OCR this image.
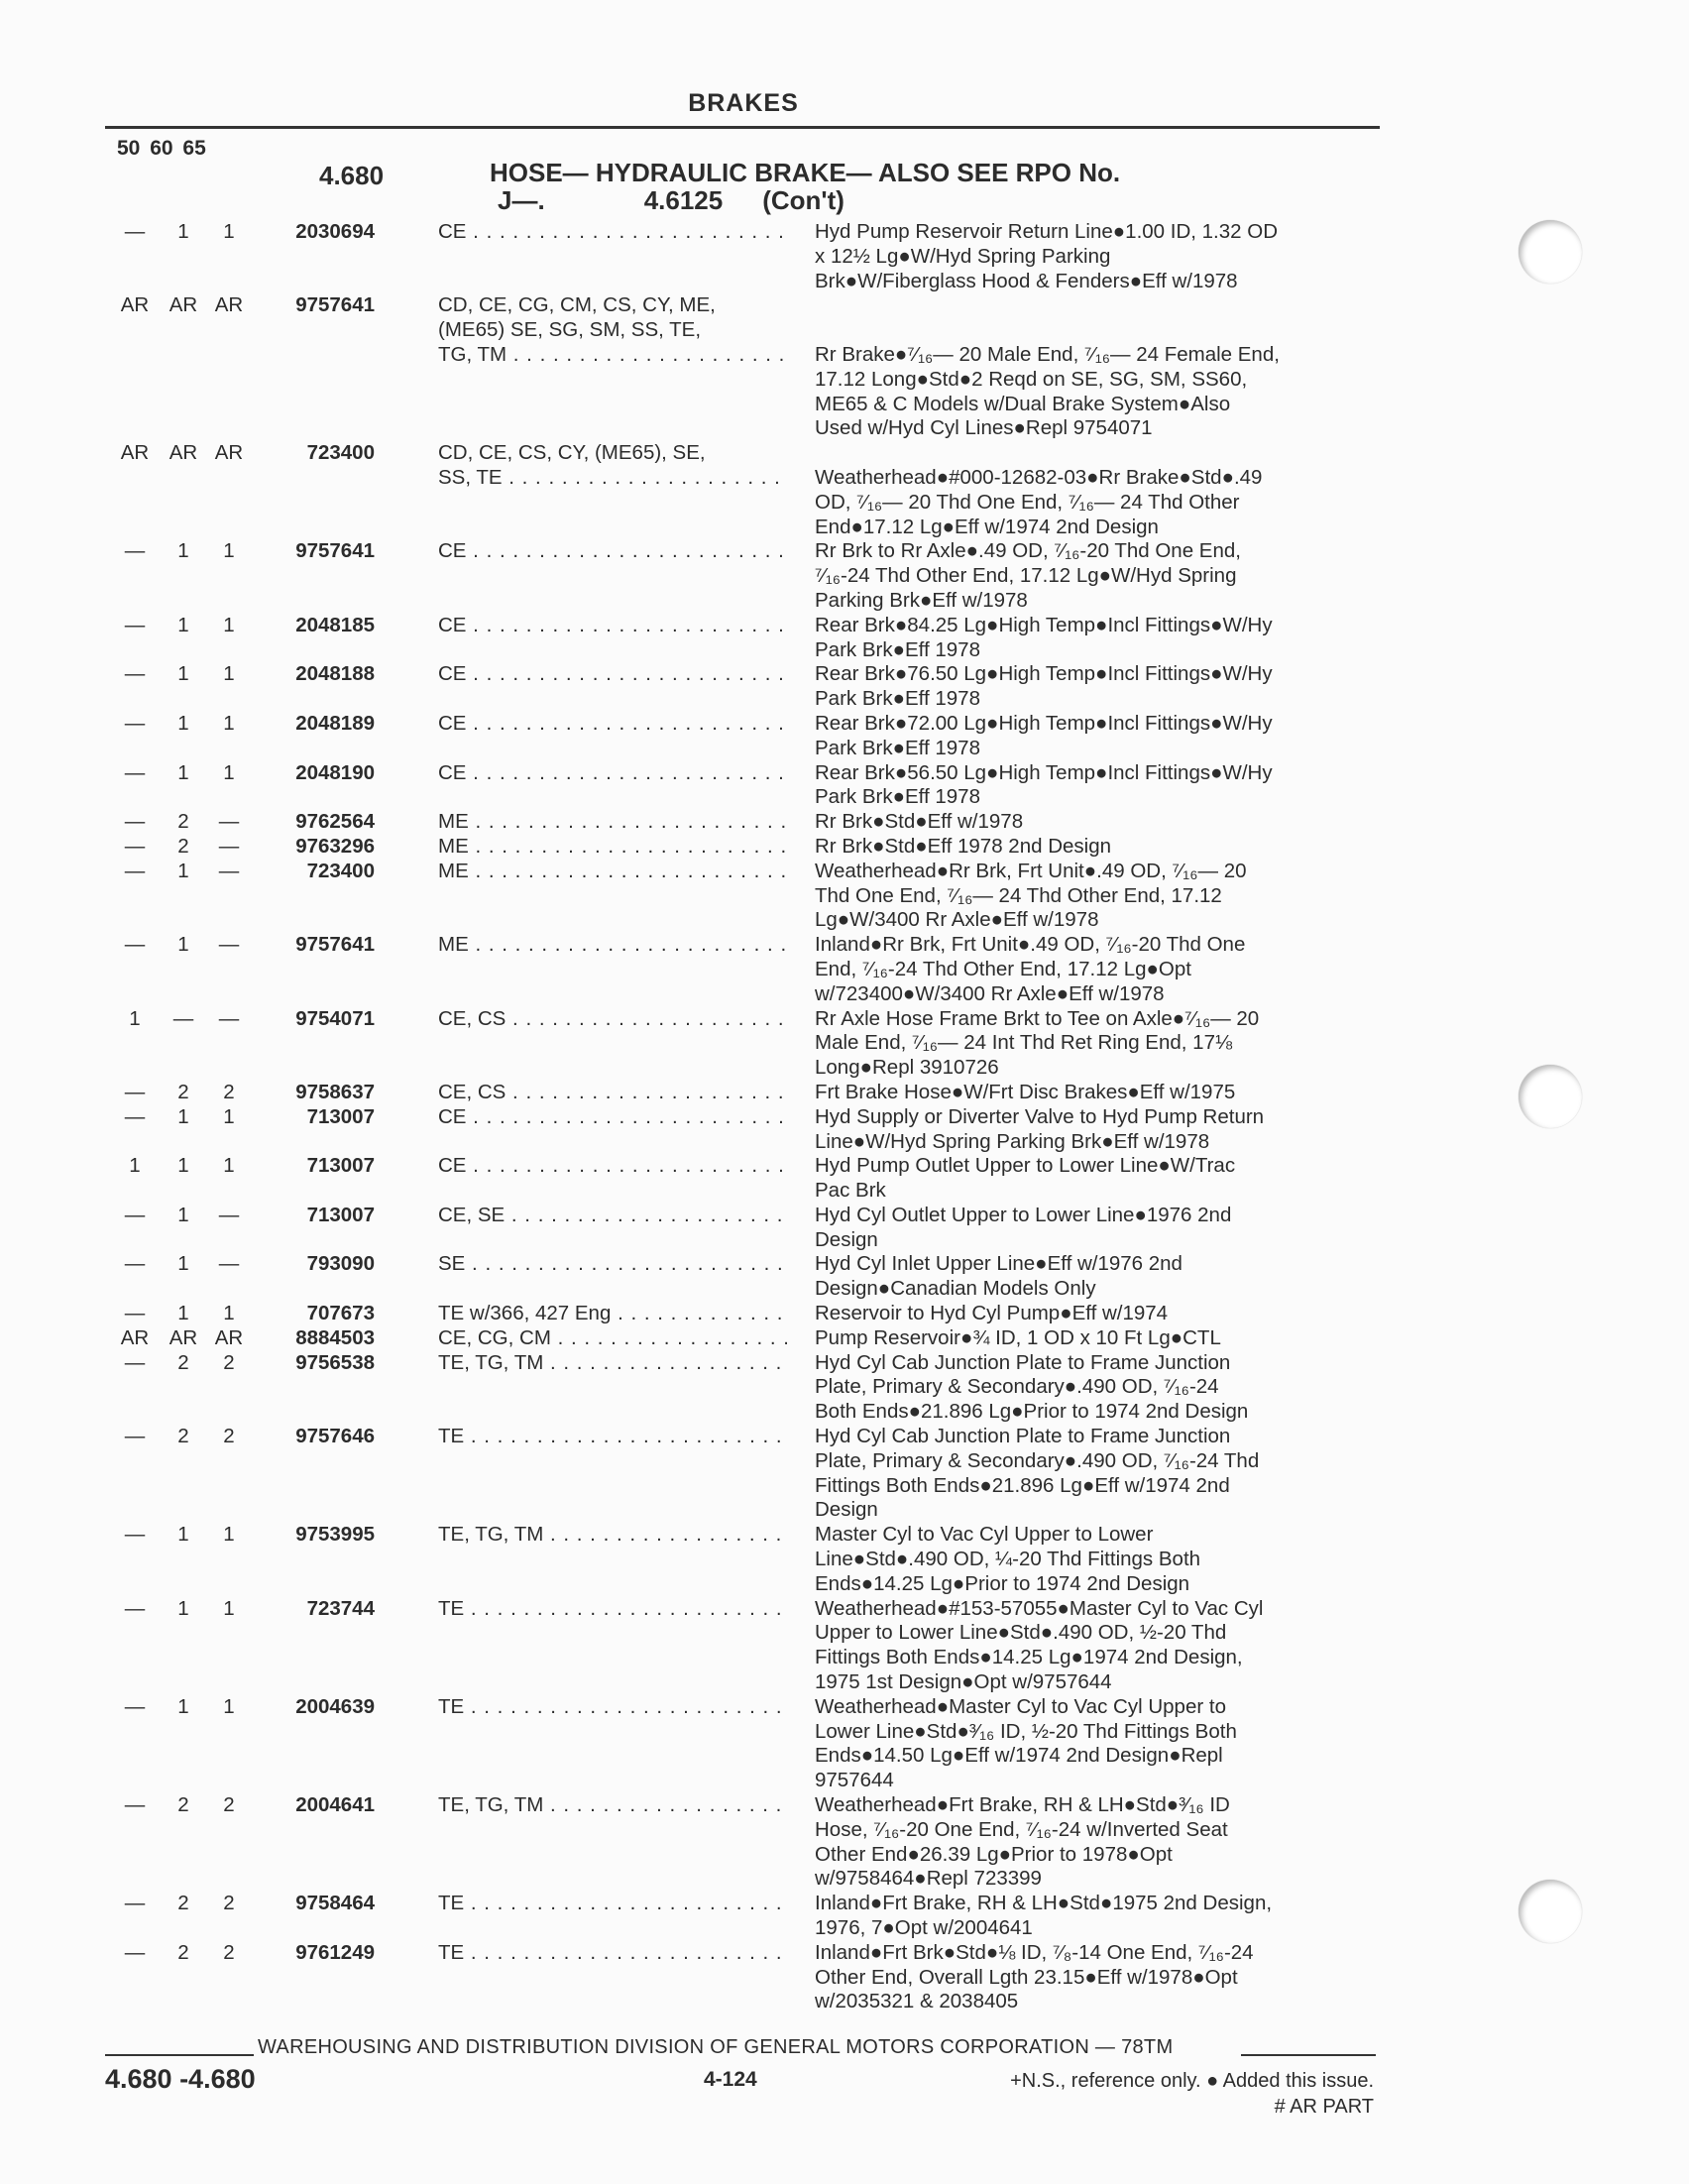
BRAKES
50 60 65
4.680	HOSE— HYDRAULIC BRAKE— ALSO SEE RPO No.
J—.	4.6125 (Con't)
—	1	1	2030694	CE . . .	Hyd Pump Reservoir Return Line●1.00 ID, 1.32 OD
x 12½ Lg●W/Hyd Spring Parking
Brk●W/Fiberglass Hood & Fenders●Eff w/1978
AR	AR AR	9757641	CD, CE, CG, CM, CS, CY, ME,
(ME65) SE, SG, SM, SS, TE,
TG, TM . . .	

Rr Brake●⁷⁄₁₆— 20 Male End, ⁷⁄₁₆— 24 Female End,
17.12 Long●Std●2 Reqd on SE, SG, SM, SS60,
ME65 & C Models w/Dual Brake System●Also
Used w/Hyd Cyl Lines●Repl 9754071
AR	AR AR	723400	CD, CE, CS, CY, (ME65), SE,
SS, TE . . .	
Weatherhead●#000-12682-03●Rr Brake●Std●.49
OD, ⁷⁄₁₆— 20 Thd One End, ⁷⁄₁₆— 24 Thd Other
End●17.12 Lg●Eff w/1974 2nd Design
—	1	1	9757641	CE . . .	Rr Brk to Rr Axle●.49 OD, ⁷⁄₁₆-20 Thd One End,
⁷⁄₁₆-24 Thd Other End, 17.12 Lg●W/Hyd Spring
Parking Brk●Eff w/1978
—	1	1	2048185	CE . . .	Rear Brk●84.25 Lg●High Temp●Incl Fittings●W/Hy
Park Brk●Eff 1978
—	1	1	2048188	CE . . .	Rear Brk●76.50 Lg●High Temp●Incl Fittings●W/Hy
Park Brk●Eff 1978
—	1	1	2048189	CE . . .	Rear Brk●72.00 Lg●High Temp●Incl Fittings●W/Hy
Park Brk●Eff 1978
—	1	1	2048190	CE . . .	Rear Brk●56.50 Lg●High Temp●Incl Fittings●W/Hy
Park Brk●Eff 1978
—	2	—	9762564	ME . . .	Rr Brk●Std●Eff w/1978
—	2	—	9763296	ME . . .	Rr Brk●Std●Eff 1978 2nd Design
—	1	—	723400	ME . . .	Weatherhead●Rr Brk, Frt Unit●.49 OD, ⁷⁄₁₆— 20
Thd One End, ⁷⁄₁₆— 24 Thd Other End, 17.12
Lg●W/3400 Rr Axle●Eff w/1978
—	1	—	9757641	ME . . .	Inland●Rr Brk, Frt Unit●.49 OD, ⁷⁄₁₆-20 Thd One
End, ⁷⁄₁₆-24 Thd Other End, 17.12 Lg●Opt
w/723400●W/3400 Rr Axle●Eff w/1978
1	—	—	9754071	CE, CS . . .	Rr Axle Hose Frame Brkt to Tee on Axle●⁷⁄₁₆— 20
Male End, ⁷⁄₁₆— 24 Int Thd Ret Ring End, 17⅛
Long●Repl 3910726
—	2	2	9758637	CE, CS . . .	Frt Brake Hose●W/Frt Disc Brakes●Eff w/1975
—	1	1	713007	CE . . .	Hyd Supply or Diverter Valve to Hyd Pump Return
Line●W/Hyd Spring Parking Brk●Eff w/1978
1	1	1	713007	CE . . .	Hyd Pump Outlet Upper to Lower Line●W/Trac
Pac Brk
—	1	—	713007	CE, SE . . .	Hyd Cyl Outlet Upper to Lower Line●1976 2nd
Design
—	1	—	793090	SE . . .	Hyd Cyl Inlet Upper Line●Eff w/1976 2nd
Design●Canadian Models Only
—	1	1	707673	TE w/366, 427 Eng . . .	Reservoir to Hyd Cyl Pump●Eff w/1974
AR	AR AR	8884503	CE, CG, CM . . .	Pump Reservoir●¾ ID, 1 OD x 10 Ft Lg●CTL
—	2	2	9756538	TE, TG, TM . . .	Hyd Cyl Cab Junction Plate to Frame Junction
Plate, Primary & Secondary●.490 OD, ⁷⁄₁₆-24
Both Ends●21.896 Lg●Prior to 1974 2nd Design
—	2	2	9757646	TE . . .	Hyd Cyl Cab Junction Plate to Frame Junction
Plate, Primary & Secondary●.490 OD, ⁷⁄₁₆-24 Thd
Fittings Both Ends●21.896 Lg●Eff w/1974 2nd
Design
—	1	1	9753995	TE, TG, TM . . .	Master Cyl to Vac Cyl Upper to Lower
Line●Std●.490 OD, ¼-20 Thd Fittings Both
Ends●14.25 Lg●Prior to 1974 2nd Design
—	1	1	723744	TE . . .	Weatherhead●#153-57055●Master Cyl to Vac Cyl
Upper to Lower Line●Std●.490 OD, ½-20 Thd
Fittings Both Ends●14.25 Lg●1974 2nd Design,
1975 1st Design●Opt w/9757644
—	1	1	2004639	TE . . .	Weatherhead●Master Cyl to Vac Cyl Upper to
Lower Line●Std●³⁄₁₆ ID, ½-20 Thd Fittings Both
Ends●14.50 Lg●Eff w/1974 2nd Design●Repl
9757644
—	2	2	2004641	TE, TG, TM . . .	Weatherhead●Frt Brake, RH & LH●Std●³⁄₁₆ ID
Hose, ⁷⁄₁₆-20 One End, ⁷⁄₁₆-24 w/Inverted Seat
Other End●26.39 Lg●Prior to 1978●Opt
w/9758464●Repl 723399
—	2	2	9758464	TE . . .	Inland●Frt Brake, RH & LH●Std●1975 2nd Design,
1976, 7●Opt w/2004641
—	2	2	9761249	TE . . .	Inland●Frt Brk●Std●⅛ ID, ⁷⁄₈-14 One End, ⁷⁄₁₆-24
Other End, Overall Lgth 23.15●Eff w/1978●Opt
w/2035321 & 2038405
WAREHOUSING AND DISTRIBUTION DIVISION OF GENERAL MOTORS CORPORATION — 78TM
4.680 -4.680	4-124	+N.S., reference only. ● Added this issue.
# AR PART
